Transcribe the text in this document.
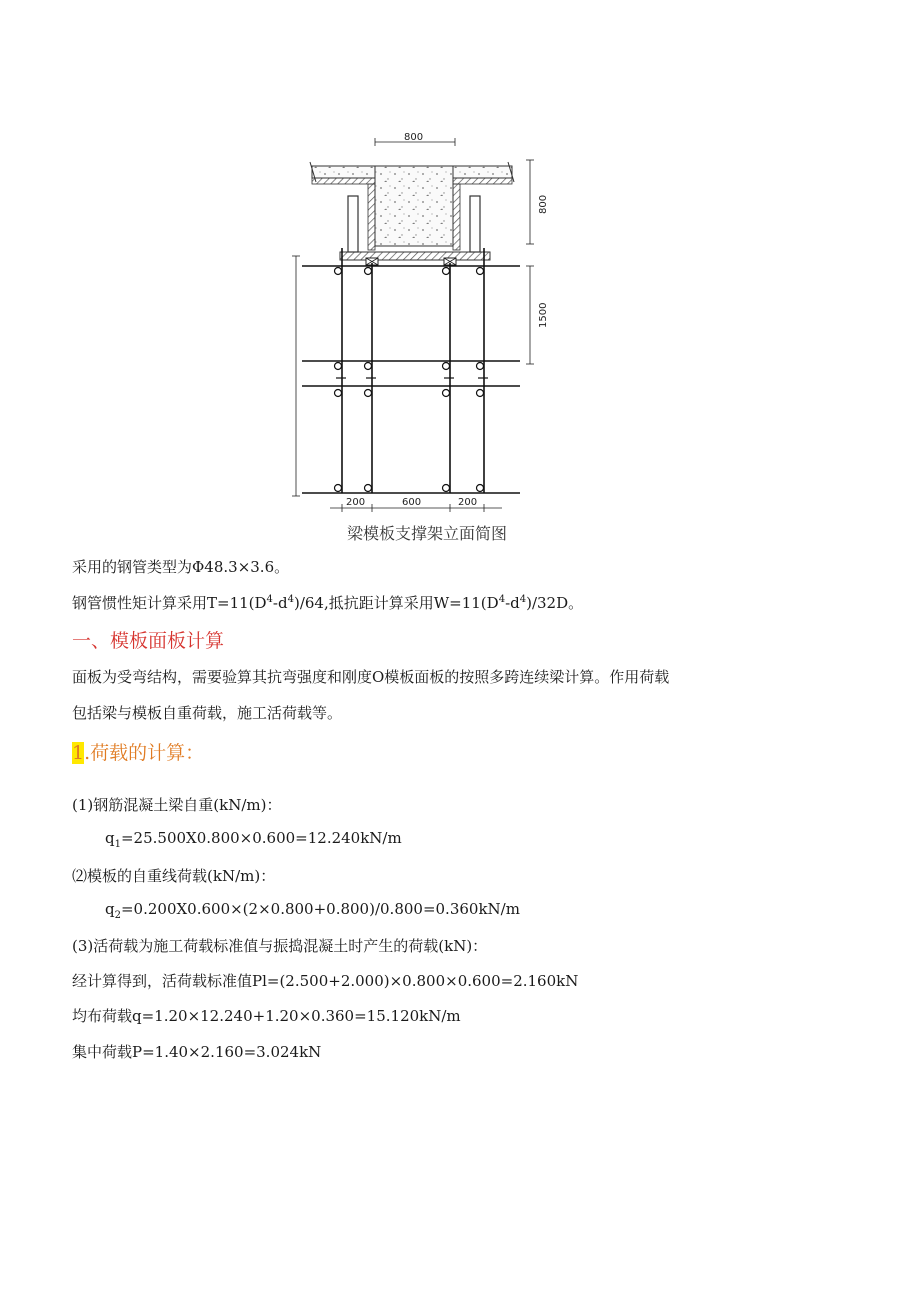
800
800
1500
200	600	200
梁模板支撑架立面简图
采用的钢管类型为Φ48.3×3.6。
钢管惯性矩计算采用$T=11(D^4-d^4)/64$,抵抗距计算采用$W=11(D^4-d^4)/32D$。
一、模板面板计算
面板为受弯结构，需要验算其抗弯强度和刚度O模板面板的按照多跨连续梁计算。作用荷载
包括梁与模板自重荷载，施工活荷载等。
1.荷载的计算：
(1)钢筋混凝土梁自重(kN/m)：
$q_1=25.500X0.800\times 0.600=12.240kN/m$
⑵模板的自重线荷载(kN/m)：
$q_2=0.200X0.600\times(2\times 0.800+0.800)/0.800=0.360kN/m$
(3)活荷载为施工荷载标准值与振捣混凝土时产生的荷载(kN)：
经计算得到，活荷载标准值Pl=(2.500+2.000)×0.800×0.600=2.160kN
均布荷载q=1.20×12.240+1.20×0.360=15.120kN/m
集中荷载P=1.40×2.160=3.024kN
